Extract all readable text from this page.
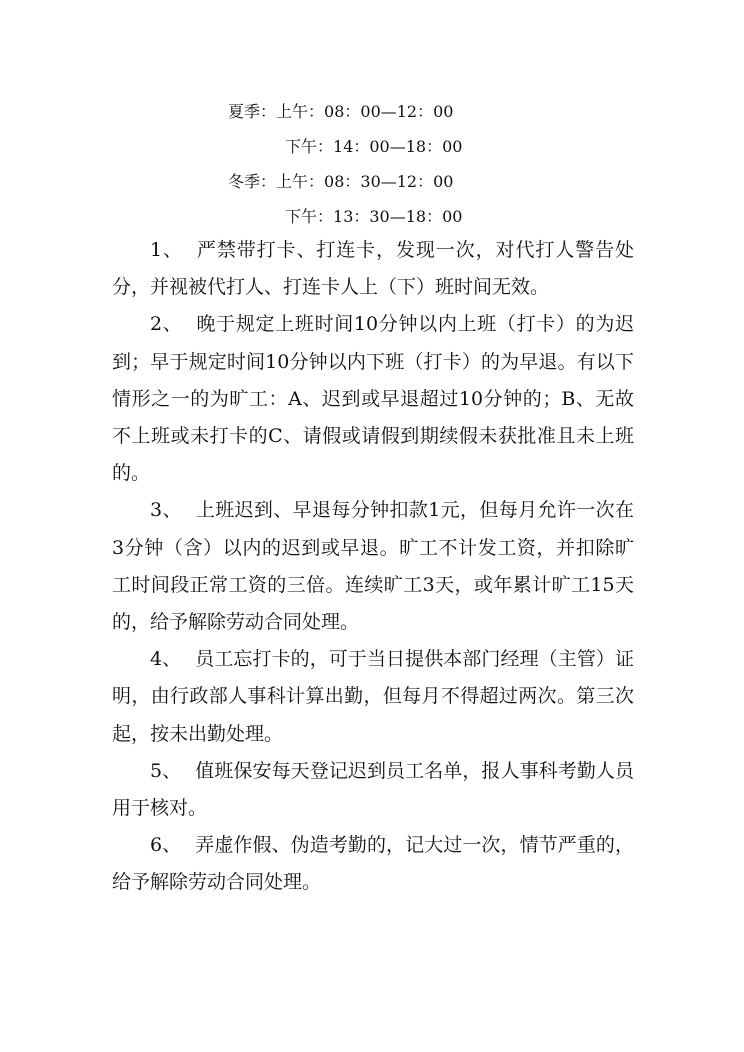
夏季：上午：08：00—12：00
下午：14：00—18：00
冬季：上午：08：30—12：00
下午：13：30—18：00

1、 严禁带打卡、打连卡，发现一次，对代打人警告处分，并视被代打人、打连卡人上（下）班时间无效。

2、 晚于规定上班时间10分钟以内上班（打卡）的为迟到；早于规定时间10分钟以内下班（打卡）的为早退。有以下情形之一的为旷工：A、迟到或早退超过10分钟的；B、无故不上班或未打卡的C、请假或请假到期续假未获批准且未上班的。

3、 上班迟到、早退每分钟扣款1元，但每月允许一次在3分钟（含）以内的迟到或早退。旷工不计发工资，并扣除旷工时间段正常工资的三倍。连续旷工3天，或年累计旷工15天的，给予解除劳动合同处理。

4、 员工忘打卡的，可于当日提供本部门经理（主管）证明，由行政部人事科计算出勤，但每月不得超过两次。第三次起，按未出勤处理。

5、 值班保安每天登记迟到员工名单，报人事科考勤人员用于核对。

6、 弄虚作假、伪造考勤的，记大过一次，情节严重的，给予解除劳动合同处理。
